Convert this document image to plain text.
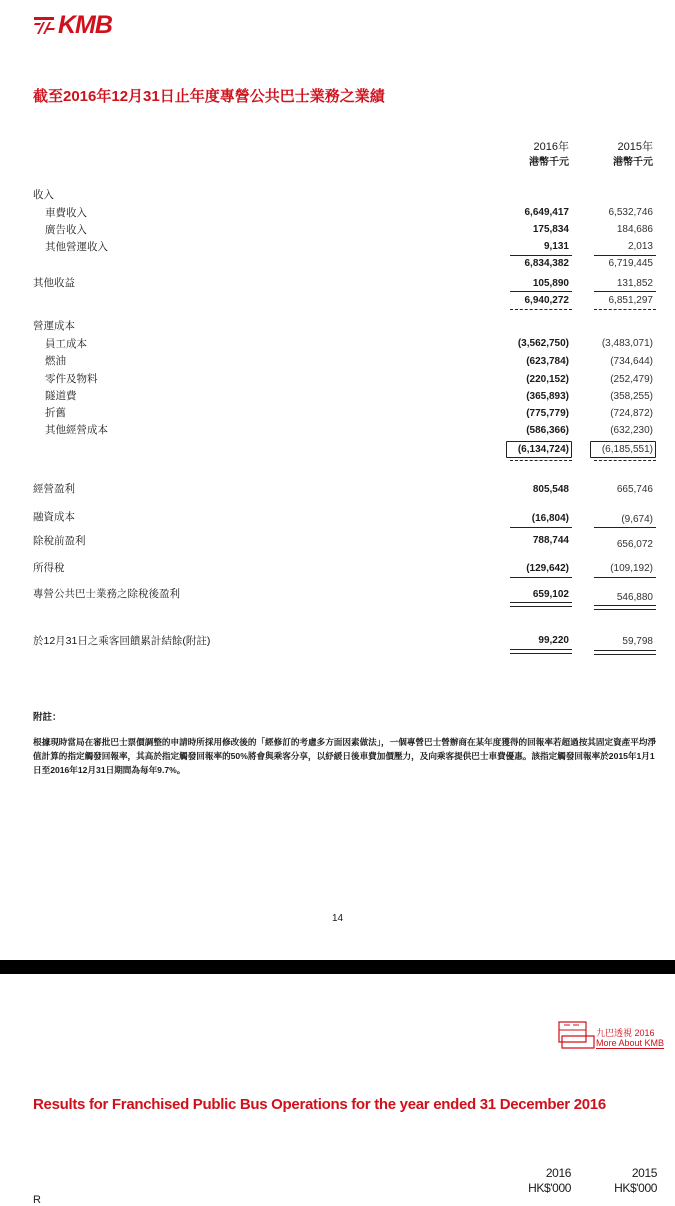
KMB
截至2016年12月31日止年度專營公共巴士業務之業績
2016年
港幣千元
2015年
港幣千元
收入
車費收入	6,649,417	6,532,746
廣告收入	175,834	184,686
其他營運收入	9,131	2,013
6,834,382	6,719,445
其他收益	105,890	131,852
6,940,272	6,851,297
營運成本
員工成本	(3,562,750)	(3,483,071)
燃油	(623,784)	(734,644)
零件及物料	(220,152)	(252,479)
隧道費	(365,893)	(358,255)
折舊	(775,779)	(724,872)
其他經營成本	(586,366)	(632,230)
(6,134,724)	(6,185,551)
經營盈利	805,548	665,746
融資成本	(16,804)	(9,674)
除稅前盈利	788,744	656,072
所得稅	(129,642)	(109,192)
專營公共巴士業務之除稅後盈利	659,102	546,880
於12月31日之乘客回饋累計結餘(附註)	99,220	59,798
附註：
根據現時當局在審批巴士票價調整的申請時所採用修改後的「經修訂的考慮多方面因素做法」，一個專營巴士營辦商在某年度獲得的回報率若超過按其固定資產平均淨值計算的指定觸發回報率，其高於指定觸發回報率的50%將會與乘客分享，以紓緩日後車費加價壓力，及向乘客提供巴士車費優惠。該指定觸發回報率於2015年1月1日至2016年12月31日期間為每年9.7%。
14
九巴透視 2016
More About KMB
Results for Franchised Public Bus Operations for the year ended 31 December 2016
2016
HK$'000
2015
HK$'000
R
